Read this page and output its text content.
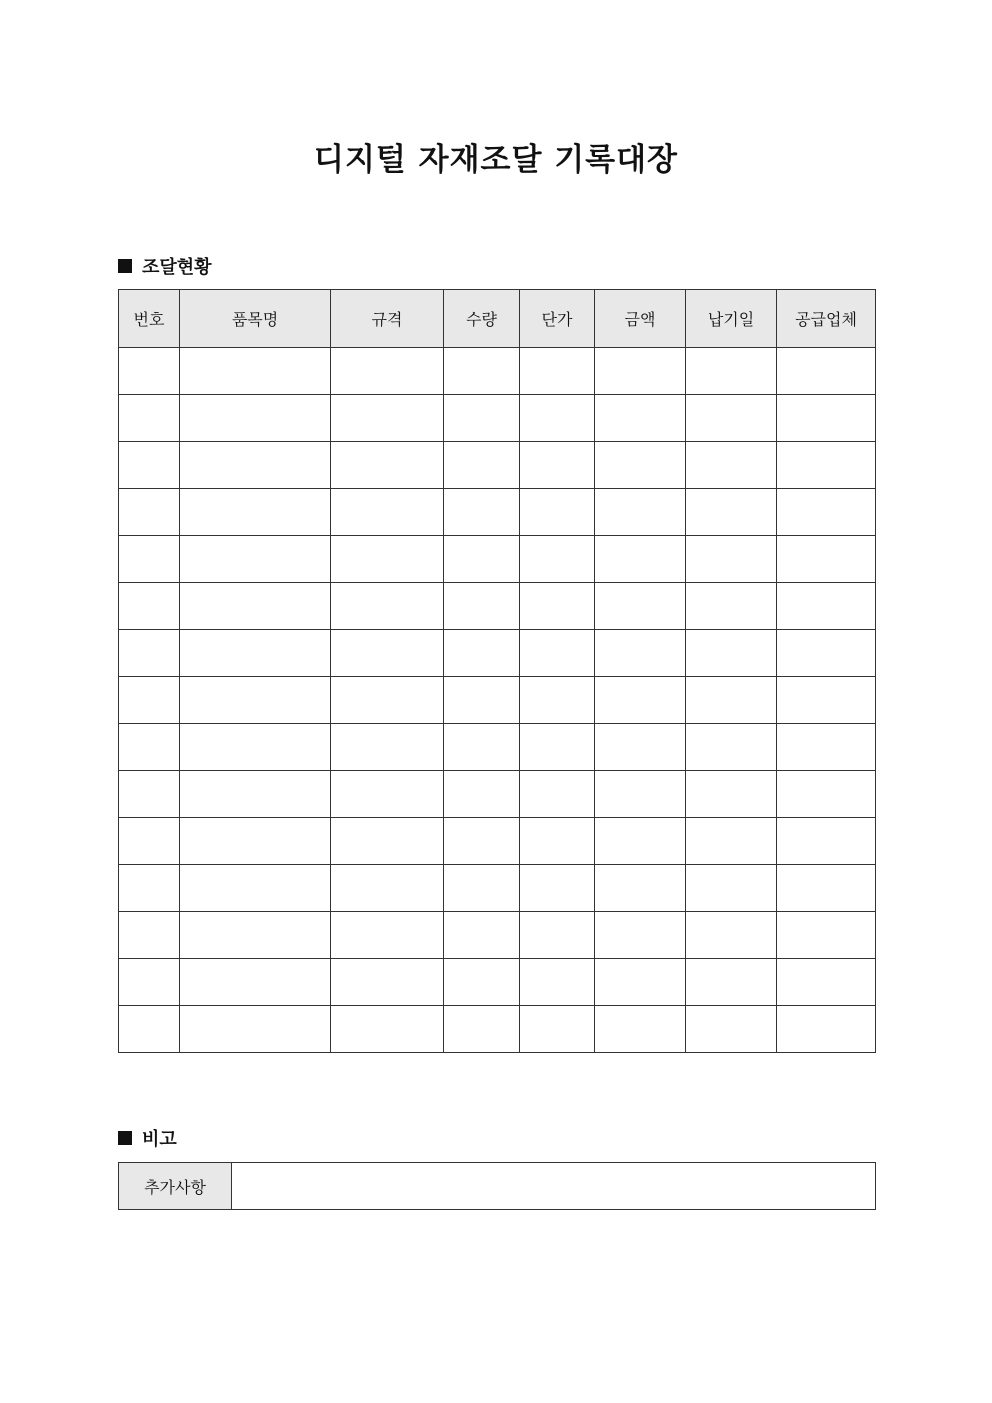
디지털 자재조달 기록대장
조달현황
번호	품목명	규격	수량	단가	금액	납기일	공급업체

비고
추가사항	
